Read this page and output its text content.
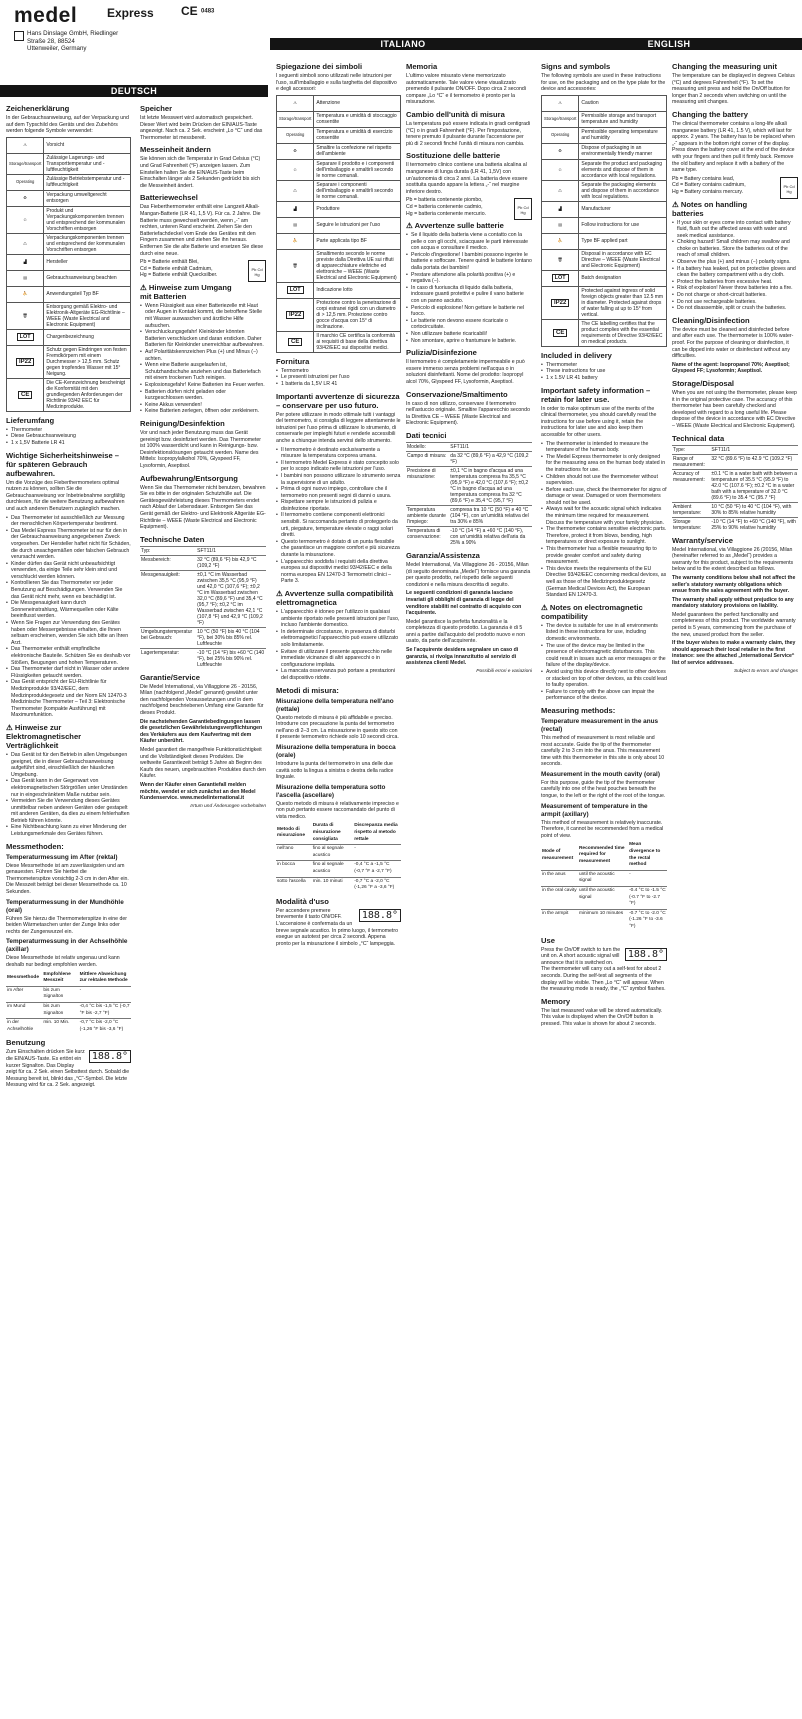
medel Express CE 0483
Hans Dinslage GmbH, Riedlinger
Straße 28, 88524
Uttenweiler, Germany	ITALIANO	ENGLISH
DEUTSCH
Zeichenerklärung

In der Gebrauchsanweisung, auf der Verpackung und auf dem Typschild des Geräts und des Zubehörs werden folgende Symbole verwendet:

⚠	Vorsicht
Storage/transport	Zulässige Lagerungs- und Transporttemperatur und -luftfeuchtigkeit
Operating	Zulässige Betriebstemperatur und -luftfeuchtigkeit
♻	Verpackung umweltgerecht entsorgen
♲	Produkt und Verpackungskomponenten trennen und entsprechend der kommunalen Vorschriften entsorgen
♺	Verpackungskomponenten trennen und entsprechend der kommunalen Vorschriften entsorgen
▟	Hersteller
▤	Gebrauchsanweisung beachten
⛹	Anwendungsteil Typ BF
🗑	Entsorgung gemäß Elektro- und Elektronik-Altgeräte EG-Richtlinie – WEEE (Waste Electrical and Electronic Equipment)
LOT	Chargenbezeichnung
IP22	Schutz gegen Eindringen von festen Fremdkörpern mit einem Durchmesser > 12,5 mm. Schutz gegen tropfendes Wasser mit 15° Neigung.
CE	Die CE-Kennzeichnung bescheinigt die Konformität mit den grundlegenden Anforderungen der Richtlinie 93/42 EEC für Medizinprodukte.
Lieferumfang
• Thermometer
• Diese Gebrauchsanweisung
• 1 x 1,5V Batterie LR 41
Wichtige Sicherheitshinweise – für späteren Gebrauch aufbewahren.

Um die Vorzüge des Fieberthermometers optimal nutzen zu können, sollten Sie die Gebrauchsanweisung vor Inbetriebnahme sorgfältig durchlesen, für die weitere Benutzung aufbewahren und auch anderen Benutzern zugänglich machen.

• Das Thermometer ist ausschließlich zur Messung der menschlichen Körpertemperatur bestimmt.
• Das Medel Express Thermometer ist nur für den in der Gebrauchsanweisung angegebenen Zweck vorgesehen. Der Hersteller haftet nicht für Schäden, die durch unsachgemäßen oder falschen Gebrauch verursacht werden.
• Kinder dürfen das Gerät nicht unbeaufsichtigt verwenden, da einige Teile sehr klein sind und verschluckt werden können.
• Kontrollieren Sie das Thermometer vor jeder Benutzung auf Beschädigungen. Verwenden Sie das Gerät nicht mehr, wenn es beschädigt ist.
• Die Messgenauigkeit kann durch Sonneneinstrahlung, Wärmequellen oder Kälte beeinflusst werden.
• Wenn Sie Fragen zur Verwendung des Gerätes haben oder Messergebnisse erhalten, die Ihnen seltsam erscheinen, wenden Sie sich bitte an Ihren Arzt.
• Das Thermometer enthält empfindliche elektronische Bauteile. Schützen Sie es deshalb vor Stößen, Beugungen und hohen Temperaturen.
• Das Thermometer darf nicht in Wasser oder andere Flüssigkeiten getaucht werden.
• Das Gerät entspricht der EU-Richtlinie für Medizinprodukte 93/42/EEC, dem Medizinproduktegesetz und der Norm EN 12470-3 Medizinische Thermometer – Teil 3: Elektronische Thermometer (kompakte Ausführung) mit Maximumfunktion.
⚠ Hinweise zur Elektromagnetischer Verträglichkeit
• Das Gerät ist für den Betrieb in allen Umgebungen geeignet, die in dieser Gebrauchsanweisung aufgeführt sind, einschließlich der häuslichen Umgebung.
• Das Gerät kann in der Gegenwart von elektromagnetischen Störgrößen unter Umständen nur in eingeschränktem Maße nutzbar sein.
• Vermeiden Sie die Verwendung dieses Gerätes unmittelbar neben anderen Geräten oder gestapelt mit anderen Geräten, da dies zu einem fehlerhaften Betrieb führen könnte.
• Eine Nichtbeachtung kann zu einer Minderung der Leistungsmerkmale des Gerätes führen.
Messmethoden:
Temperaturmessung im After (rektal)

Diese Messmethode ist am zuverlässigsten und am genauesten. Führen Sie hierbei die Thermometerspitze vorsichtig 2-3 cm in den After ein. Die Messzeit beträgt bei dieser Messmethode ca. 10 Sekunden.

Temperaturmessung in der Mundhöhle (oral)

Führen Sie hierzu die Thermometerspitze in eine der beiden Wärmetaschen unter der Zunge links oder rechts der Zungenwurzel ein.

Temperaturmessung in der Achselhöhle (axillar)

Diese Messmethode ist relativ ungenau und kann deshalb nur bedingt empfohlen werden.

Messmethode	Empfohlene Messzeit	Mittlere Abweichung zur rektalen Methode
im After	bis zum Signalton	-
im Mund	bis zum Signalton	-0,4 °C bis -1,5 °C (-0,7 °F bis -2,7 °F)
in der Achselhöhle	min. 10 Min.	-0,7 °C bis -2,0 °C (-1,26 °F bis -3,6 °F)
Benutzung

188.8°
Zum Einschalten drücken Sie kurz die EIN/AUS-Taste. Es ertönt ein kurzer Signalton. Das Display zeigt für ca. 2 Sek. einen Selbsttest durch. Sobald die Messung bereit ist, blinkt das „°C“-Symbol. Die letzte Messung wird für ca. 2 Sek. angezeigt.

Speicher

Ist letzte Messwert wird automatisch gespeichert. Dieser Wert wird beim Drücken der EIN/AUS-Taste angezeigt. Nach ca. 2 Sek. erscheint „Lo °C“ und das Thermometer ist messbereit.

Messeinheit ändern

Sie können sich die Temperatur in Grad Celsius (°C) und Grad Fahrenheit (°F) anzeigen lassen. Zum Einstellen halten Sie die EIN/AUS-Taste beim Einschalten länger als 2 Sekunden gedrückt bis sich die Messeinheit ändert.

Batteriewechsel

Das Fieberthermometer enthält eine Langzeit Alkali-Mangan-Batterie (LR 41, 1,5 V). Für ca. 2 Jahre. Die Batterie muss gewechselt werden, wenn „‑“ am rechten, unteren Rand erscheint. Ziehen Sie den Batteriefachdeckel vom Ende des Gerätes mit den Fingern zusammen und ziehen Sie ihn heraus. Entfernen Sie die alte Batterie und ersetzen Sie diese durch eine neue.

Pb Cd Hg
Pb = Batterie enthält Blei,
Cd = Batterie enthält Cadmium,
Hg = Batterie enthält Quecksilber.

⚠ Hinweise zum Umgang mit Batterien
• Wenn Flüssigkeit aus einer Batteriezelle mit Haut oder Augen in Kontakt kommt, die betroffene Stelle mit Wasser auswaschen und ärztliche Hilfe aufsuchen.
• Verschluckungsgefahr! Kleinkinder könnten Batterien verschlucken und daran ersticken. Daher Batterien für Kleinkinder unerreichbar aufbewahren.
• Auf Polaritätskennzeichen Plus (+) und Minus (−) achten.
• Wenn eine Batterie ausgelaufen ist, Schutzhandschuhe anziehen und das Batteriefach mit einem trockenen Tuch reinigen.
• Explosionsgefahr! Keine Batterien ins Feuer werfen.
• Batterien dürfen nicht geladen oder kurzgeschlossen werden.
• Keine Akkus verwenden!
• Keine Batterien zerlegen, öffnen oder zerkleinern.
Reinigung/Desinfektion

Vor und nach jeder Benutzung muss das Gerät gereinigt bzw. desinfiziert werden. Das Thermometer ist 100% wasserdicht und kann in Reinigungs- bzw. Desinfektionslösungen getaucht werden. Name des Mittels: Isopropylalkohol 70%, Glyspeed FF, Lysoformin, Aseptisol.

Aufbewahrung/Entsorgung

Wenn Sie das Thermometer nicht benutzen, bewahren Sie es bitte in der originalen Schutzhülle auf. Die Gerätesgewährleistung dieses Thermometers endet nach Ablauf der Lebensdauer. Entsorgen Sie das Gerät gemäß der Elektro- und Elektronik Altgeräte EG-Richtlinie – WEEE (Waste Electrical and Electronic Equipment).

Technische Daten
Typ:	SFT11/1
Messbereich:	32 °C (89,6 °F) bis 42,9 °C (109,2 °F)
Messgenauigkeit:	±0,1 °C im Wasserbad zwischen 35,5 °C (95,9 °F) und 42,0 °C (107,6 °F); ±0,2 °C im Wasserbad zwischen 32,0 °C (89,6 °F) und 35,4 °C (95,7 °F); ±0,2 °C im Wasserbad zwischen 42,1 °C (107,8 °F) und 42,9 °C (109,2 °F)
Umgebungstemperatur bei Gebrauch:	10 °C (50 °F) bis 40 °C (104 °F), bei 30% bis 85% rel. Luftfeuchte
Lagertemperatur:	-10 °C (14 °F) bis +60 °C (140 °F), bei 25% bis 90% rel. Luftfeuchte
Garantie/Service

Die Medel International, via Villaggione 26 - 20156, Milan (nachfolgend „Medel“ genannt) gewährt unter den nachfolgenden Voraussetzungen und in dem nachfolgend beschriebenen Umfang eine Garantie für dieses Produkt.

Die nachstehenden Garantiebedingungen lassen die gesetzlichen Gewährleistungsverpflichtungen des Verkäufers aus dem Kaufvertrag mit dem Käufer unberührt.

Medel garantiert die mangelfreie Funktionstüchtigkeit und die Vollständigkeit dieses Produktes. Die weltweite Garantiezeit beträgt 5 Jahre ab Beginn des Kaufs des neuen, ungebrauchten Produktes durch den Käufer.

Wenn der Käufer einen Garantiefall melden möchte, wendet er sich zunächst an den Medel Kundenservice. www.medelinternational.it

Irrtum und Änderungen vorbehalten

Spiegazione dei simboli

I seguenti simboli sono utilizzati nelle istruzioni per l'uso, sull'imballaggio e sulla targhetta del dispositivo e degli accessori:

⚠	Attenzione
Storage/transport	Temperatura e umidità di stoccaggio consentite
Operating	Temperatura e umidità di esercizio consentite
♻	Smaltire la confezione nel rispetto dell'ambiente
♲	Separare il prodotto e i componenti dell'imballaggio e smaltirli secondo le norme comunali.
♺	Separare i componenti dell'imballaggio e smaltirli secondo le norme comunali.
▟	Produttore
▤	Seguire le istruzioni per l'uso
⛹	Parte applicata tipo BF
🗑	Smaltimento secondo le norme previste dalla Direttiva UE sui rifiuti di apparecchiature elettriche ed elettroniche – WEEE (Waste Electrical and Electronic Equipment)
LOT	Indicazione lotto
IP22	Protezione contro la penetrazione di corpi estranei rigidi con un diametro di > 12,5 mm. Protezione contro gocce d'acqua con 15° di inclinazione.
CE	Il marchio CE certifica la conformità ai requisiti di base della direttiva 93/42/EEC sui dispositivi medici.
Fornitura
• Termometro
• Le presenti istruzioni per l'uso
• 1 batteria da 1,5V LR 41
Importanti avvertenze di sicurezza – conservare per uso futuro.

Per potere utilizzare in modo ottimale tutti i vantaggi del termometro, si consiglia di leggere attentamente le istruzioni per l'uso prima di utilizzare lo strumento, di conservarle per impieghi futuri e renderle accessibili anche a chiunque intenda servirsi dello strumento.

• Il termometro è destinato esclusivamente a misurare la temperatura corporea umana.
• Il termometro Medel Express è stato concepito solo per lo scopo indicato nelle istruzioni per l'uso.
• I bambini non possono utilizzare lo strumento senza la supervisione di un adulto.
• Prima di ogni nuovo impiego, controllare che il termometro non presenti segni di danni o usura.
• Rispettare sempre le istruzioni di pulizia e disinfezione riportate.
• Il termometro contiene componenti elettronici sensibili. Si raccomanda pertanto di proteggerlo da urti, piegature, temperature elevate o raggi solari diretti.
• Questo termometro è dotato di un punta flessibile che garantisce un maggiore comfort e più sicurezza durante la misurazione.
• L'apparecchio soddisfa i requisiti della direttiva europea sui dispositivi medici 93/42/EEC e della norma europea EN 12470-3 Termometri clinici – Parte 3.
⚠ Avvertenze sulla compatibilità elettromagnetica
• L'apparecchio è idoneo per l'utilizzo in qualsiasi ambiente riportato nelle presenti istruzioni per l'uso, incluso l'ambiente domestico.
• In determinate circostanze, in presenza di disturbi elettromagnetici l'apparecchio può essere utilizzato solo limitatamente.
• Evitare di utilizzare il presente apparecchio nelle immediate vicinanze di altri apparecchi o in configurazione impilata.
• La mancata osservanza può portare a prestazioni del dispositivo ridotte.
Metodi di misura:
Misurazione della temperatura nell'ano (rettale)

Questo metodo di misura è più affidabile e preciso. Introdurre con precauzione la punta del termometro nell'ano di 2–3 cm. La misurazione in questo sito con il presente termometro richiede solo 10 secondi circa.

Misurazione della temperatura in bocca (orale)

Introdurre la punta del termometro in una delle due cavità sotto la lingua a sinistra o destra della radice linguale.

Misurazione della temperatura sotto l'ascella (ascellare)

Questo metodo di misura è relativamente impreciso e non può pertanto essere raccomandato del punto di vista medico.

Metodo di misurazione	Durata di misurazione consigliata	Discrepanza media rispetto al metodo rettale
nell'ano	fino al segnale acustico	-
in bocca	fino al segnale acustico	-0,4 °C a -1,5 °C (-0,7 °F a -2,7 °F)
sotto l'ascella	min. 10 minuti	-0,7 °C a -2,0 °C (-1,26 °F a -3,6 °F)
Modalità d'uso

188.8°
Per accendere premere brevemente il tasto ON/OFF. L'accensione è confermata da un breve segnale acustico. In primo luogo, il termometro esegue un autotest per circa 2 secondi. Appena pronto per la misurazione il simbolo „°C“ lampeggia.

Memoria

L'ultimo valore misurato viene memorizzato automaticamente. Tale valore viene visualizzato premendo il pulsante ON/OFF. Dopo circa 2 secondi compare „Lo °C“ e il termometro è pronto per la misurazione.

Cambio dell'unità di misura

La temperatura può essere indicata in gradi centigradi (°C) o in gradi Fahrenheit (°F). Per l'impostazione, tenere premuto il pulsante durante l'accensione per più di 2 secondi finché l'unità di misura non cambia.

Sostituzione delle batterie

Il termometro clinico contiene una batteria alcalina al manganese di lunga durata (LR 41, 1,5V) con un'autonomia di circa 2 anni. La batteria deve essere sostituita quando appare la lettera „‑“ nel margine inferiore destro.

Pb Cd Hg
Pb = batteria contenente piombo,
Cd = batteria contenente cadmio,
Hg = batteria contenente mercurio.

⚠ Avvertenze sulle batterie
• Se il liquido della batteria viene a contatto con la pelle o con gli occhi, sciacquare le parti interessate con acqua e consultare il medico.
• Pericolo d'ingestione! I bambini possono ingerire le batterie e soffocare. Tenere quindi le batterie lontano dalla portata dei bambini!
• Prestare attenzione alla polarità positiva (+) e negativa (−).
• In caso di fuoriuscita di liquido dalla batteria, indossare guanti protettivi e pulire il vano batterie con un panno asciutto.
• Pericolo di esplosione! Non gettare le batterie nel fuoco.
• Le batterie non devono essere ricaricate o cortocircuitate.
• Non utilizzare batterie ricaricabili!
• Non smontare, aprire o frantumare le batterie.
Pulizia/Disinfezione

Il termometro è completamente impermeabile e può essere immerso senza problemi nell'acqua o in soluzioni disinfettanti. Nome del prodotto: Isopropyl alcol 70%, Glyspeed FF, Lysoformin, Aseptisol.

Conservazione/Smaltimento

In caso di non utilizzo, conservare il termometro nell'astuccio originale. Smaltire l'apparecchio secondo la Direttiva CE – WEEE (Waste Electrical and Electronic Equipment).

Dati tecnici
Modello:	SFT11/1
Campo di misura:	da 32 °C (89,6 °F) a 42,9 °C (109,2 °F)
Precisione di misurazione:	±0,1 °C in bagno d'acqua ad una temperatura compresa fra 35,5 °C (95,9 °F) e 42,0 °C (107,6 °F); ±0,2 °C in bagno d'acqua ad una temperatura compresa fra 32 °C (89,6 °F) e 35,4 °C (95,7 °F)
Temperatura ambiente durante l'impiego:	compresa tra 10 °C (50 °F) e 40 °C (104 °F), con un'umidità relativa del tra 30% e 85%
Temperatura di conservazione:	-10 °C (14 °F) a +60 °C (140 °F), con un'umidità relativa dell'aria da 25% a 90%
Garanzia/Assistenza

Medel International, Via Villaggione 26 - 20156, Milan (di seguito denominata „Medel“) fornisce una garanzia per questo prodotto, nel rispetto delle seguenti condizioni e nella misura descritta di seguito.

Le seguenti condizioni di garanzia lasciano invariati gli obblighi di garanzia di legge del venditore stabiliti nel contratto di acquisto con l'acquirente.

Medel garantisce la perfetta funzionalità e la completezza di questo prodotto. La garanzia è di 5 anni a partire dall'acquisto del prodotto nuovo e non usato, da parte dell'acquirente.

Se l'acquirente desidera segnalare un caso di garanzia, si rivolga innanzitutto al servizio di assistenza clienti Medel.

Possibili errori e variazioni

Signs and symbols

The following symbols are used in these instructions for use, on the packaging and on the type plate for the device and accessories:

⚠	Caution
Storage/transport	Permissible storage and transport temperature and humidity
Operating	Permissible operating temperature and humidity
♻	Dispose of packaging in an environmentally friendly manner
♲	Separate the product and packaging elements and dispose of them in accordance with local regulations.
♺	Separate the packaging elements and dispose of them in accordance with local regulations.
▟	Manufacturer
▤	Follow instructions for use
⛹	Type BF applied part
🗑	Disposal in accordance with EC Directive – WEEE (Waste Electrical and Electronic Equipment)
LOT	Batch designation
IP22	Protected against ingress of solid foreign objects greater than 12.5 mm in diameter. Protected against drops of water falling at up to 15° from vertical.
CE	The CE labelling certifies that the product complies with the essential requirements of Directive 93/42/EEC on medical products.
Included in delivery
• Thermometer
• These instructions for use
• 1 x 1.5V LR 41 battery
Important safety information – retain for later use.

In order to make optimum use of the merits of the clinical thermometer, you should carefully read the instructions for use before using it, retain the instructions for later use and also keep them accessible for other users.

• The thermometer is intended to measure the temperature of the human body.
• The Medel Express thermometer is only designed for the measuring area on the human body stated in the instructions for use.
• Children should not use the thermometer without supervision.
• Before each use, check the thermometer for signs of damage or wear. Damaged or worn thermometers should not be used.
• Always wait for the acoustic signal which indicates the minimum time required for measurement. Discuss the temperature with your family physician.
• The thermometer contains sensitive electronic parts. Therefore, protect it from blows, bending, high temperatures or direct exposure to sunlight.
• This thermometer has a flexible measuring tip to provide greater comfort and safety during measurement.
• This device meets the requirements of the EU Directive 93/42/EEC concerning medical devices, as well as those of the Medizinproduktegesetz (German Medical Devices Act), the European Standard EN 12470-3.
⚠ Notes on electromagnetic compatibility
• The device is suitable for use in all environments listed in these instructions for use, including domestic environments.
• The use of the device may be limited in the presence of electromagnetic disturbances. This could result in issues such as error messages or the failure of the display/device.
• Avoid using this device directly next to other devices or stacked on top of other devices, as this could lead to faulty operation.
• Failure to comply with the above can impair the performance of the device.
Measuring methods:
Temperature measurement in the anus (rectal)

This method of measurement is most reliable and most accurate. Guide the tip of the thermometer carefully 2 to 3 cm into the anus. This measurement time with this thermometer in this site is only about 10 seconds.

Measurement in the mouth cavity (oral)

For this purpose, guide the tip of the thermometer carefully into one of the heat pouches beneath the tongue, to the left or the right of the root of the tongue.

Measurement of temperature in the armpit (axillary)

This method of measurement is relatively inaccurate. Therefore, it cannot be recommended from a medical point of view.

Mode of measurement	Recommended time required for measurement	Mean divergence to the rectal method
in the anus	until the acoustic signal	-
in the oral cavity	until the acoustic signal	-0.4 °C to -1.5 °C (-0.7 °F to -2.7 °F)
in the armpit	minimum 10 minutes	-0.7 °C to -2.0 °C (-1.26 °F to -3.6 °F)
Use

188.8°
Press the On/Off switch to turn the unit on. A short acoustic signal will announce that it is switched on. The thermometer will carry out a self-test for about 2 seconds. During the self-test all segments of the display will be visible. Then „Lo °C“ will appear. When the measuring mode is ready, the „°C“ symbol flashes.

Memory

The last measured value will be stored automatically. This value is displayed when the On/Off button is pressed. This value is shown for about 2 seconds.

Changing the measuring unit

The temperature can be displayed in degrees Celsius (°C) and degrees Fahrenheit (°F). To set the measuring unit press and hold the On/Off button for longer than 2 seconds when switching on until the measuring unit changes.

Changing the battery

The clinical thermometer contains a long-life alkali manganese battery (LR 41, 1.5 V), which will last for approx. 2 years. The battery has to be replaced when „‑“ appears in the bottom right corner of the display. Press down the battery cover at the end of the device with your fingers and then pull it firmly back. Remove the old battery and replace it with a battery of the same type.

Pb Cd Hg
Pb = Battery contains lead,
Cd = Battery contains cadmium,
Hg = Battery contains mercury.

⚠ Notes on handling batteries
• If your skin or eyes come into contact with battery fluid, flush out the affected areas with water and seek medical assistance.
• Choking hazard! Small children may swallow and choke on batteries. Store the batteries out of the reach of small children.
• Observe the plus (+) and minus (−) polarity signs.
• If a battery has leaked, put on protective gloves and clean the battery compartment with a dry cloth.
• Protect the batteries from excessive heat.
• Risk of explosion! Never throw batteries into a fire.
• Do not charge or short-circuit batteries.
• Do not use rechargeable batteries.
• Do not disassemble, split or crush the batteries.
Cleaning/Disinfection

The device must be cleaned and disinfected before and after each use. The thermometer is 100% water-proof. For the purpose of cleaning or disinfection, it can be dipped into water or disinfectant without any difficulties.

Name of the agent: Isopropanol 70%; Aseptisol; Glyspeed FF; Lysoformin; Aseptisol.

Storage/Disposal

When you are not using the thermometer, please keep it in the original protective case. The accuracy of this thermometer has been carefully checked and developed with regard to a long useful life. Please dispose of the device in accordance with EC Directive – WEEE (Waste Electrical and Electronic Equipment).

Technical data
Type:	SFT11/1
Range of measurement:	32 °C (89.6 °F) to 42.9 °C (109.2 °F)
Accuracy of measurement:	±0.1 °C in a water bath with between a temperature of 35.5 °C (95.9 °F) to 42.0 °C (107.6 °F); ±0.2 °C in a water bath with a temperature of 32.0 °C (89.6 °F) to 35.4 °C (95.7 °F)
Ambient temperature:	10 °C (50 °F) to 40 °C (104 °F), with 30% to 85% relative humidity
Storage temperature:	-10 °C (14 °F) to +60 °C (140 °F), with 25% to 90% relative humidity
Warranty/service

Medel International, via Villaggione 26 (20156, Milan (hereinafter referred to as „Medel“) provides a warranty for this product, subject to the requirements below and to the extent described as follows.

The warranty conditions below shall not affect the seller's statutory warranty obligations which ensue from the sales agreement with the buyer.

The warranty shall apply without prejudice to any mandatory statutory provisions on liability.

Medel guarantees the perfect functionality and completeness of this product. The worldwide warranty period is 5 years, commencing from the purchase of the new, unused product from the seller.

If the buyer wishes to make a warranty claim, they should approach their local retailer in the first instance: see the attached „International Service“ list of service addresses.

Subject to errors and changes
